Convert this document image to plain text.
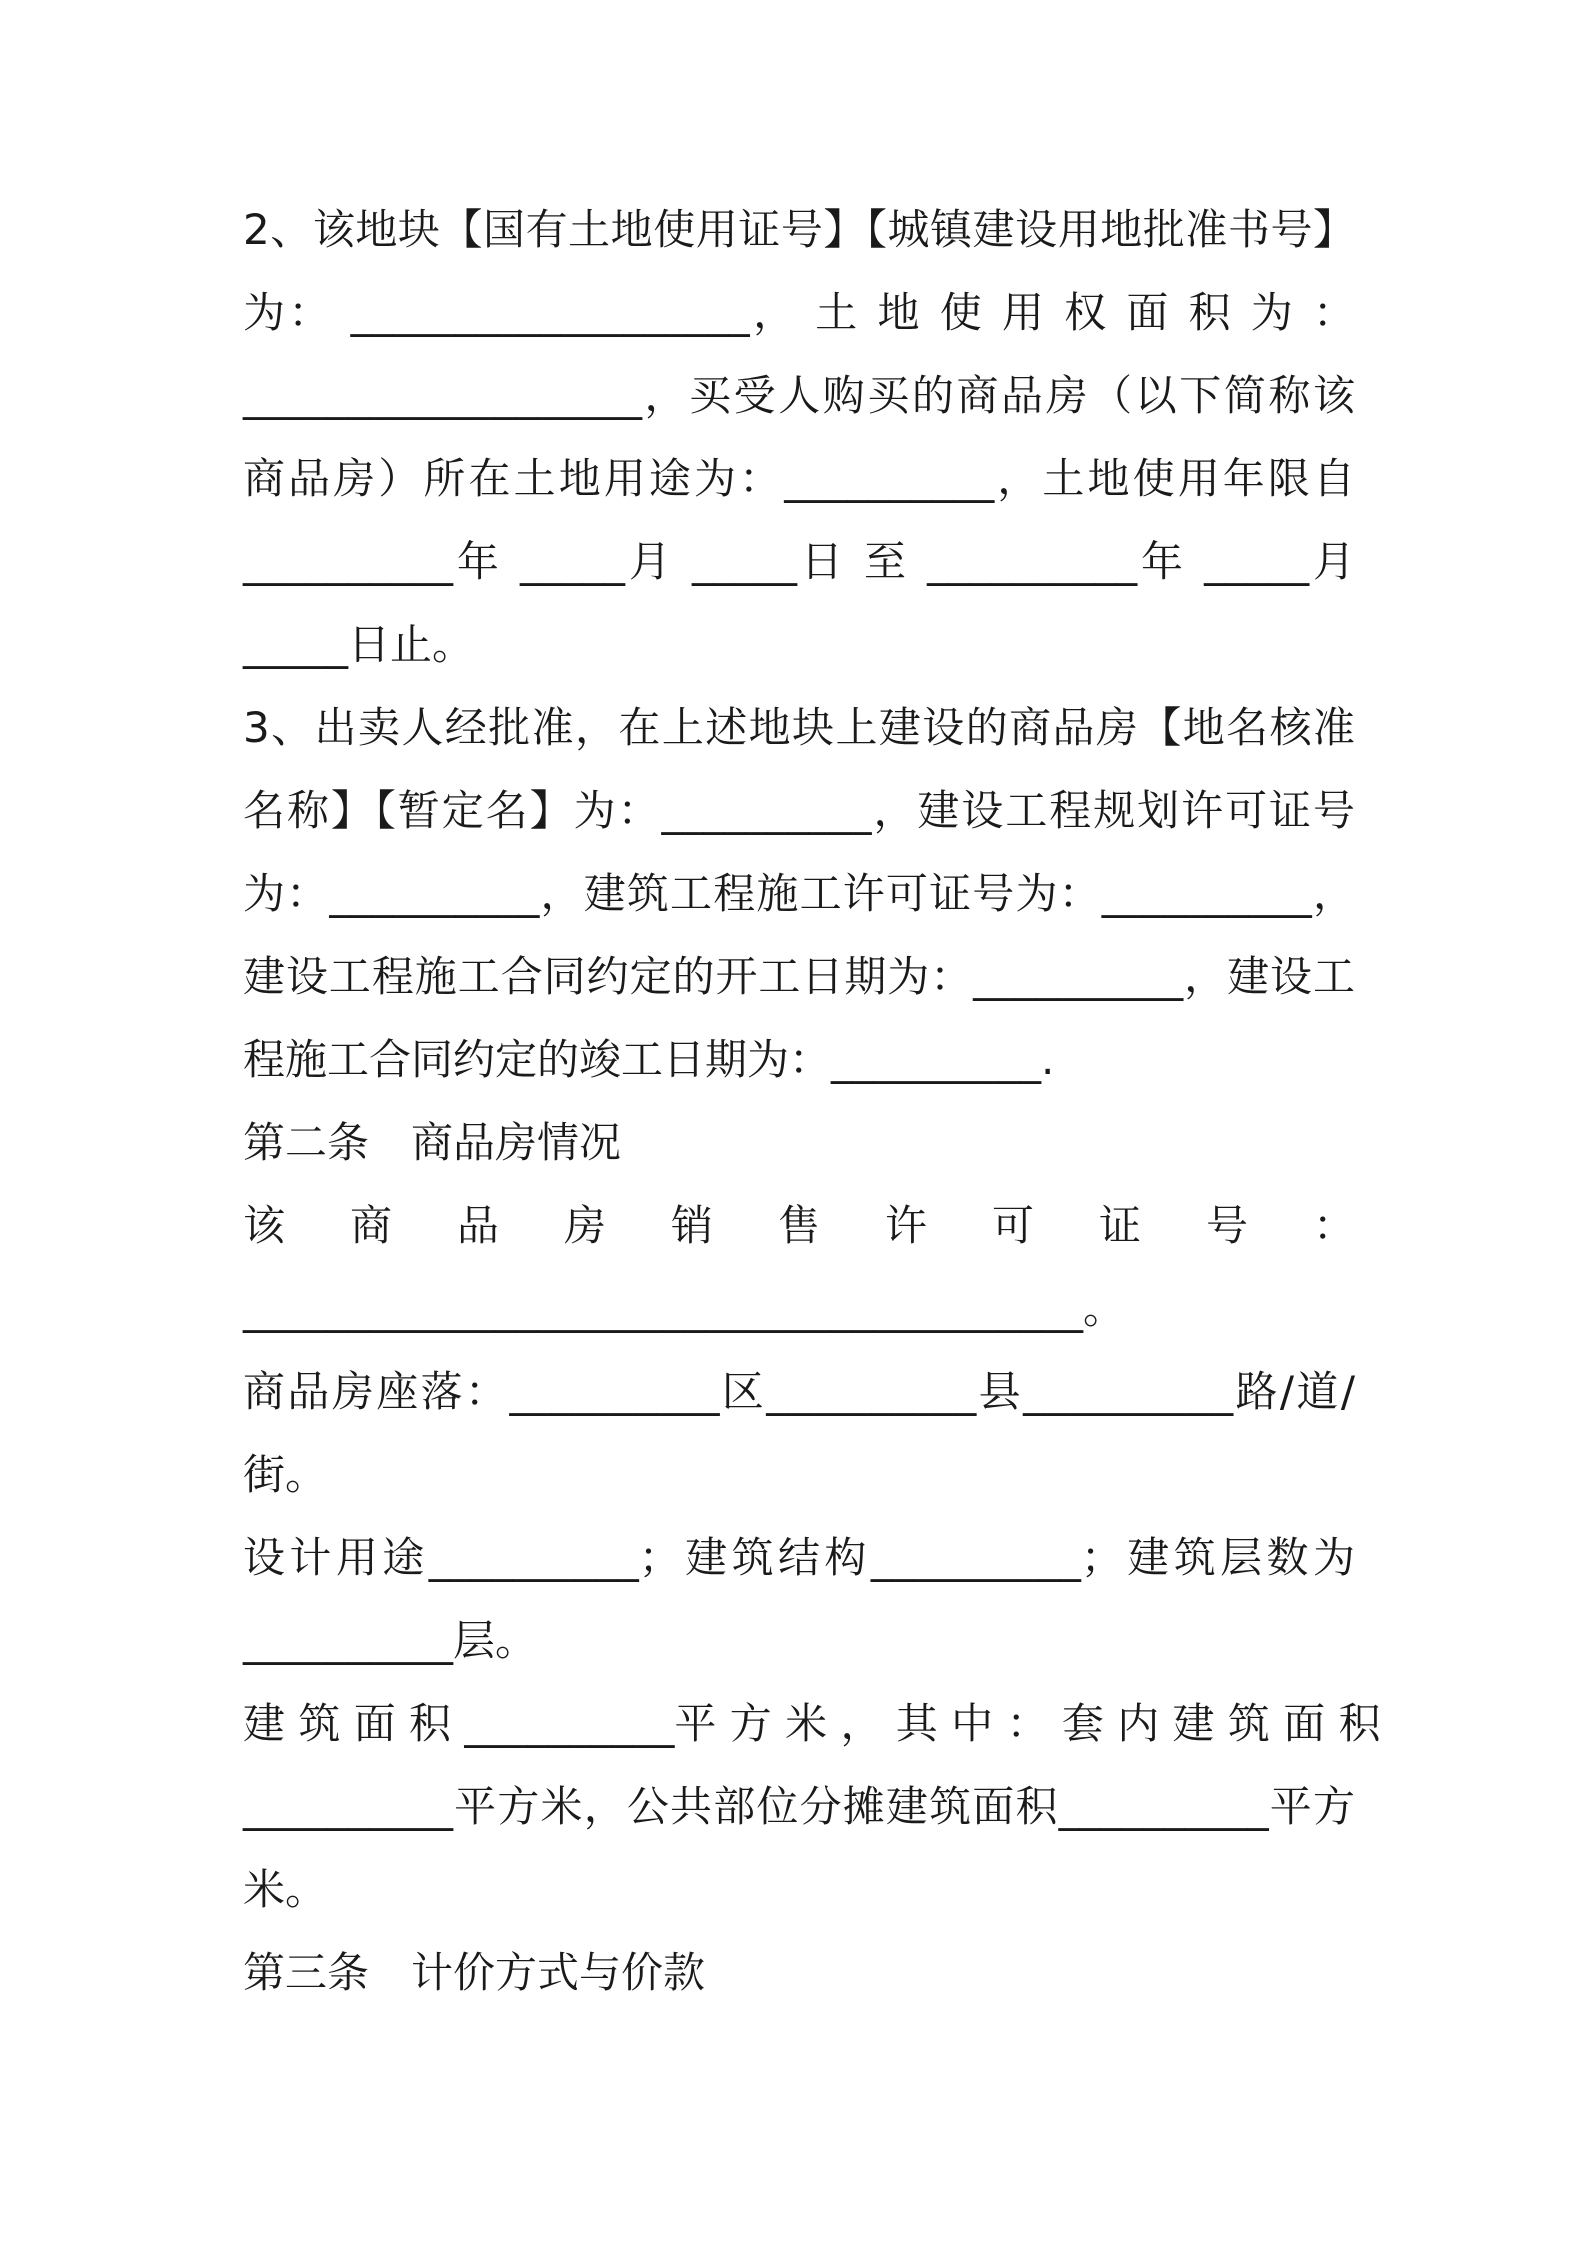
2、该地块【国有土地使用证号】【城镇建设用地批准书号】
为： ___________________， 土 地 使 用 权 面 积 为 ：
___________________，买受人购买的商品房（以下简称该
商品房）所在土地用途为：__________，土地使用年限自
__________年 _____月 _____日 至 __________年 _____月
_____日止。
3、出卖人经批准，在上述地块上建设的商品房【地名核准
名称】【暂定名】为：__________，建设工程规划许可证号
为：__________，建筑工程施工许可证号为：__________，
建设工程施工合同约定的开工日期为：__________，建设工
程施工合同约定的竣工日期为：__________.
第二条　商品房情况
该 商 品 房 销 售 许 可 证 号 ：
________________________________________。
商品房座落：__________区__________县__________路/道/
街。
设计用途__________；建筑结构__________；建筑层数为
__________层。
建 筑 面 积 __________平 方 米 ， 其 中 ： 套 内 建 筑 面 积
__________平方米，公共部位分摊建筑面积__________平方
米。
第三条　计价方式与价款
